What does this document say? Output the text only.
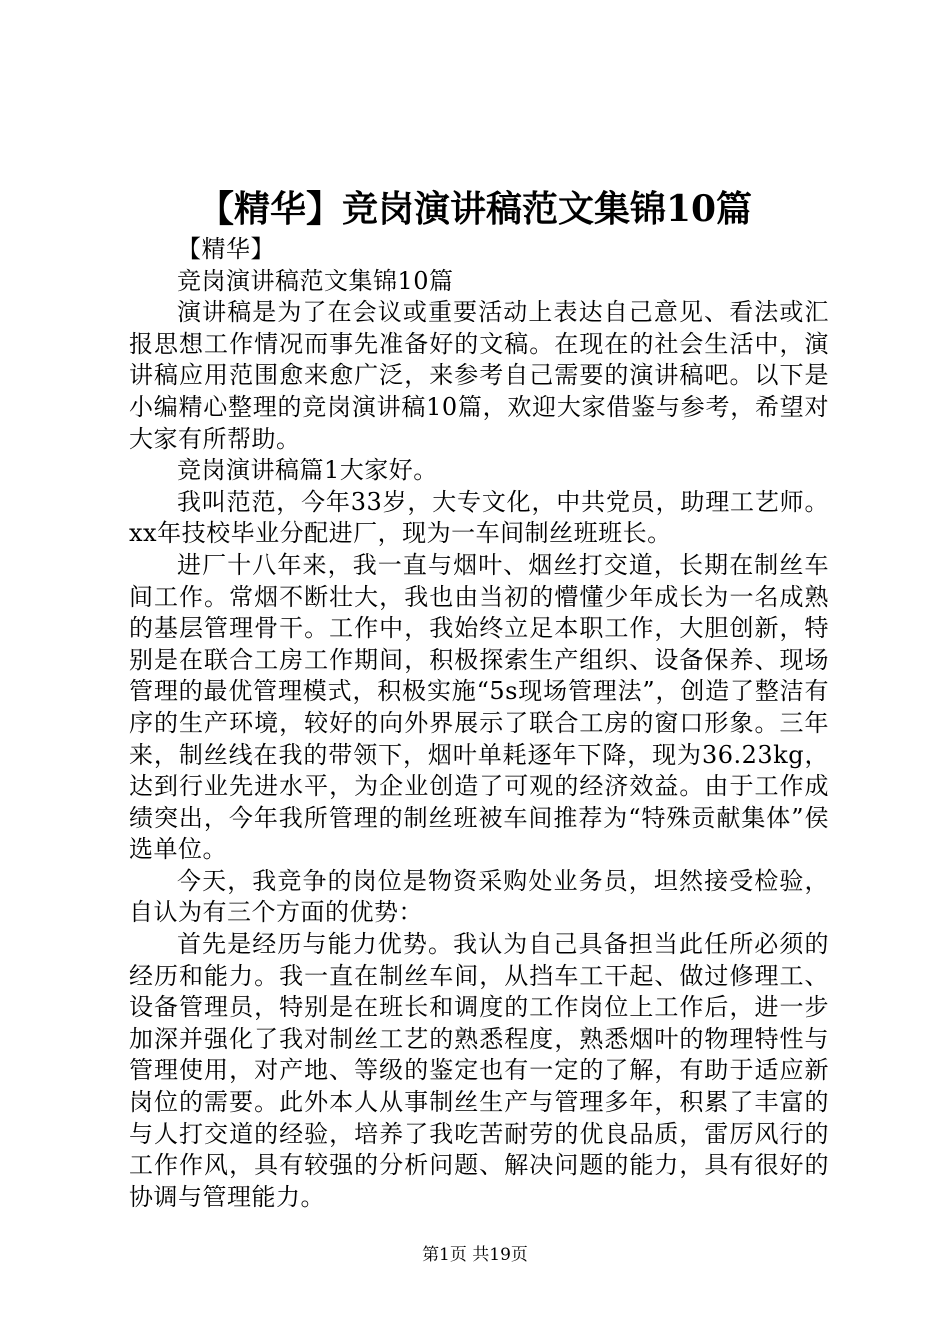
【精华】竞岗演讲稿范文集锦10篇

【精华】

竞岗演讲稿范文集锦10篇

演讲稿是为了在会议或重要活动上表达自己意见、看法或汇报思想工作情况而事先准备好的文稿。在现在的社会生活中，演讲稿应用范围愈来愈广泛，来参考自己需要的演讲稿吧。以下是小编精心整理的竞岗演讲稿10篇，欢迎大家借鉴与参考，希望对大家有所帮助。

竞岗演讲稿篇1大家好。

我叫范范，今年33岁，大专文化，中共党员，助理工艺师。xx年技校毕业分配进厂，现为一车间制丝班班长。

进厂十八年来，我一直与烟叶、烟丝打交道，长期在制丝车间工作。常烟不断壮大，我也由当初的懵懂少年成长为一名成熟的基层管理骨干。工作中，我始终立足本职工作，大胆创新，特别是在联合工房工作期间，积极探索生产组织、设备保养、现场管理的最优管理模式，积极实施“5s现场管理法”，创造了整洁有序的生产环境，较好的向外界展示了联合工房的窗口形象。三年来，制丝线在我的带领下，烟叶单耗逐年下降，现为36.23kg，达到行业先进水平，为企业创造了可观的经济效益。由于工作成绩突出，今年我所管理的制丝班被车间推荐为“特殊贡献集体”侯选单位。

今天，我竞争的岗位是物资采购处业务员，坦然接受检验，自认为有三个方面的优势：

首先是经历与能力优势。我认为自己具备担当此任所必须的经历和能力。我一直在制丝车间，从挡车工干起、做过修理工、设备管理员，特别是在班长和调度的工作岗位上工作后，进一步加深并强化了我对制丝工艺的熟悉程度，熟悉烟叶的物理特性与管理使用，对产地、等级的鉴定也有一定的了解，有助于适应新岗位的需要。此外本人从事制丝生产与管理多年，积累了丰富的与人打交道的经验，培养了我吃苦耐劳的优良品质，雷厉风行的工作作风，具有较强的分析问题、解决问题的能力，具有很好的协调与管理能力。

第1页 共19页
